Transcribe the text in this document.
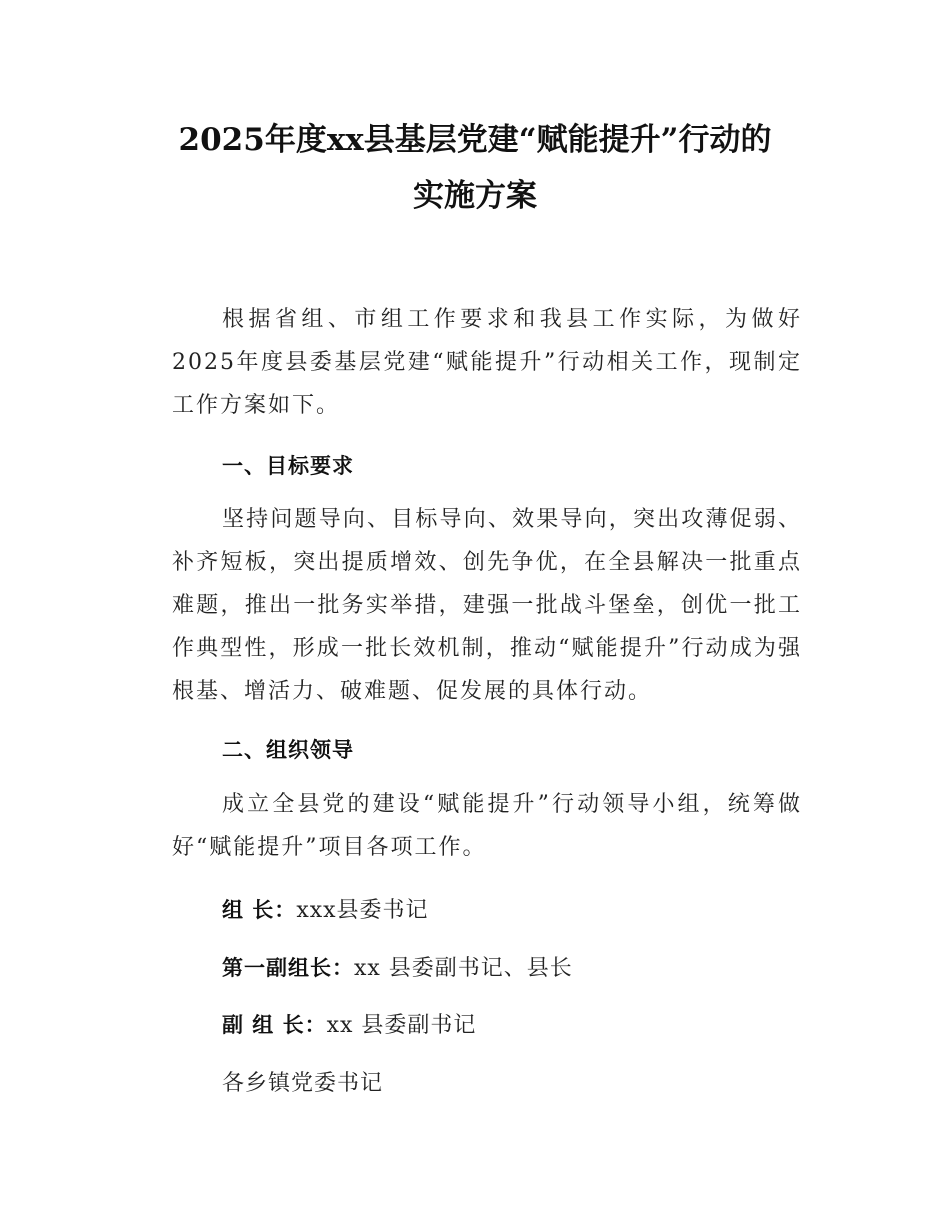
2025年度xx县基层党建“赋能提升”行动的
实施方案

根据省组、市组工作要求和我县工作实际，为做好2025年度县委基层党建“赋能提升”行动相关工作，现制定工作方案如下。

一、目标要求

坚持问题导向、目标导向、效果导向，突出攻薄促弱、补齐短板，突出提质增效、创先争优，在全县解决一批重点难题，推出一批务实举措，建强一批战斗堡垒，创优一批工作典型性，形成一批长效机制，推动“赋能提升”行动成为强根基、增活力、破难题、促发展的具体行动。

二、组织领导

成立全县党的建设“赋能提升”行动领导小组，统筹做好“赋能提升”项目各项工作。

组 长：xxx县委书记
第一副组长：xx 县委副书记、县长
副 组 长：xx 县委副书记
各乡镇党委书记
